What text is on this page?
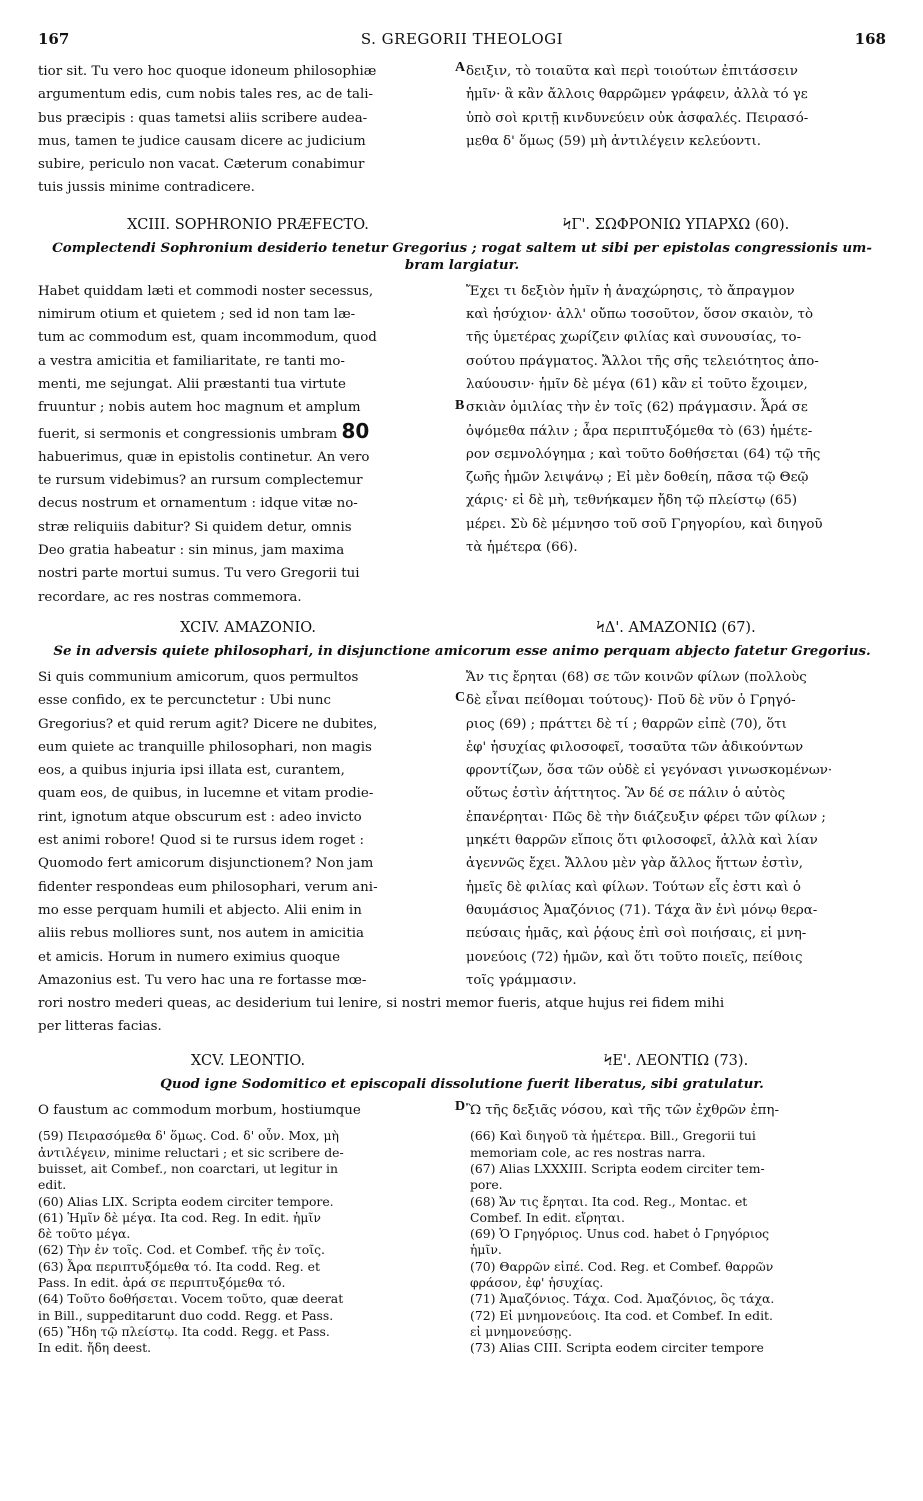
167	S. GREGORII THEOLOGI	168
tior sit. Tu vero hoc quoque idoneum philosophiæ
argumentum edis, cum nobis tales res, ac de tali-
bus præcipis : quas tametsi aliis scribere audea-
mus, tamen te judice causam dicere ac judicium
subire, periculo non vacat. Cæterum conabimur
tuis jussis minime contradicere.
A δειξιν, τὸ τοιαῦτα καὶ περὶ τοιούτων ἐπιτάσσειν
ἡμῖν· ἃ κἂν ἄλλοις θαρρῶμεν γράφειν, ἀλλὰ τό γε
ὑπὸ σοὶ κριτῇ κινδυνεύειν οὐκ ἀσφαλές. Πειρασό-
μεθα δ' ὅμως (59) μὴ ἀντιλέγειν κελεύοντι.
XCIII. SOPHRONIO PRÆFECTO.	ϞΓ'. ΣΩΦΡΟΝΙΩ ΥΠΑΡΧΩ (60).
Complectendi Sophronium desiderio tenetur Gregorius ; rogat saltem ut sibi per epistolas congressionis um-
bram largiatur.
Habet quiddam læti et commodi noster secessus,
nimirum otium et quietem ; sed id non tam læ-
tum ac commodum est, quam incommodum, quod
a vestra amicitia et familiaritate, re tanti mo-
menti, me sejungat. Alii præstanti tua virtute
fruuntur ; nobis autem hoc magnum et amplum
fuerit, si sermonis et congressionis umbram 80
habuerimus, quæ in epistolis continetur. An vero
te rursum videbimus? an rursum complectemur
decus nostrum et ornamentum : idque vitæ no-
stræ reliquiis dabitur? Si quidem detur, omnis
Deo gratia habeatur : sin minus, jam maxima
nostri parte mortui sumus. Tu vero Gregorii tui
recordare, ac res nostras commemora.
B
Ἔχει τι δεξιὸν ἡμῖν ἡ ἀναχώρησις, τὸ ἄπραγμον
καὶ ἡσύχιον· ἀλλ' οὔπω τοσοῦτον, ὅσον σκαιὸν, τὸ
τῆς ὑμετέρας χωρίζειν φιλίας καὶ συνουσίας, το-
σούτου πράγματος. Ἄλλοι τῆς σῆς τελειότητος ἀπο-
λαύουσιν· ἡμῖν δὲ μέγα (61) κἂν εἰ τοῦτο ἔχοιμεν,
σκιὰν ὁμιλίας τὴν ἐν τοῖς (62) πράγμασιν. Ἆρά σε
ὀψόμεθα πάλιν ; ἆρα περιπτυξόμεθα τὸ (63) ἡμέτε-
ρον σεμνολόγημα ; καὶ τοῦτο δοθήσεται (64) τῷ τῆς
ζωῆς ἡμῶν λειψάνῳ ; Εἰ μὲν δοθείη, πᾶσα τῷ Θεῷ
χάρις· εἰ δὲ μὴ, τεθνήκαμεν ἤδη τῷ πλείστῳ (65)
μέρει. Σὺ δὲ μέμνησο τοῦ σοῦ Γρηγορίου, καὶ διηγοῦ
τὰ ἡμέτερα (66).
XCIV. AMAZONIO.	ϞΔ'. ΑΜΑΖΟΝΙΩ (67).
Se in adversis quiete philosophari, in disjunctione amicorum esse animo perquam abjecto fatetur Gregorius.
Si quis communium amicorum, quos permultos
esse confido, ex te percunctetur : Ubi nunc
Gregorius? et quid rerum agit? Dicere ne dubites,
eum quiete ac tranquille philosophari, non magis
eos, a quibus injuria ipsi illata est, curantem,
quam eos, de quibus, in lucemne et vitam prodie-
rint, ignotum atque obscurum est : adeo invicto
est animi robore! Quod si te rursus idem roget :
Quomodo fert amicorum disjunctionem? Non jam
fidenter respondeas eum philosophari, verum ani-
mo esse perquam humili et abjecto. Alii enim in
aliis rebus molliores sunt, nos autem in amicitia
et amicis. Horum in numero eximius quoque
Amazonius est. Tu vero hac una re fortasse mœ-
C
Ἄν τις ἔρηται (68) σε τῶν κοινῶν φίλων (πολλοὺς
δὲ εἶναι πείθομαι τούτους)· Ποῦ δὲ νῦν ὁ Γρηγό-
ριος (69) ; πράττει δὲ τί ; θαρρῶν εἰπὲ (70), ὅτι
ἐφ' ἡσυχίας φιλοσοφεῖ, τοσαῦτα τῶν ἀδικούντων
φροντίζων, ὅσα τῶν οὐδὲ εἰ γεγόνασι γινωσκομένων·
οὕτως ἐστὶν ἀήττητος. Ἂν δέ σε πάλιν ὁ αὐτὸς
ἐπανέρηται· Πῶς δὲ τὴν διάζευξιν φέρει τῶν φίλων ;
μηκέτι θαρρῶν εἴποις ὅτι φιλοσοφεῖ, ἀλλὰ καὶ λίαν
ἀγεννῶς ἔχει. Ἄλλου μὲν γὰρ ἄλλος ἥττων ἐστὶν,
ἡμεῖς δὲ φιλίας καὶ φίλων. Τούτων εἷς ἐστι καὶ ὁ
θαυμάσιος Ἀμαζόνιος (71). Τάχα ἂν ἑνὶ μόνῳ θερα-
πεύσαις ἡμᾶς, καὶ ῥᾴους ἐπὶ σοὶ ποιήσαις, εἰ μνη-
μονεύοις (72) ἡμῶν, καὶ ὅτι τοῦτο ποιεῖς, πείθοις
τοῖς γράμμασιν.
rori nostro mederi queas, ac desiderium tui lenire, si nostri memor fueris, atque hujus rei fidem mihi
per litteras facias.
XCV. LEONTIO.	ϞΕ'. ΛΕΟΝΤΙΩ (73).
Quod igne Sodomitico et episcopali dissolutione fuerit liberatus, sibi gratulatur.
O faustum ac commodum morbum, hostiumque	D Ὢ τῆς δεξιᾶς νόσου, καὶ τῆς τῶν ἐχθρῶν ἐπη-
(59) Πειρασόμεθα δ' ὅμως. Cod. δ' οὖν. Mox, μὴ
ἀντιλέγειν, minime reluctari ; et sic scribere de-
buisset, ait Combef., non coarctari, ut legitur in
edit.
(60) Alias LIX. Scripta eodem circiter tempore.
(61) Ἡμῖν δὲ μέγα. Ita cod. Reg. In edit. ἡμῖν
δὲ τοῦτο μέγα.
(62) Τὴν ἐν τοῖς. Cod. et Combef. τῆς ἐν τοῖς.
(63) Ἆρα περιπτυξόμεθα τό. Ita codd. Reg. et
Pass. In edit. ἀρά σε περιπτυξόμεθα τό.
(64) Τοῦτο δοθήσεται. Vocem τοῦτο, quæ deerat
in Bill., suppeditarunt duo codd. Regg. et Pass.
(65) Ἤδη τῷ πλείστῳ. Ita codd. Regg. et Pass.
In edit. ἤδη deest.
(66) Καὶ διηγοῦ τὰ ἡμέτερα. Bill., Gregorii tui
memoriam cole, ac res nostras narra.
(67) Alias LXXXIII. Scripta eodem circiter tem-
pore.
(68) Ἄν τις ἔρηται. Ita cod. Reg., Montac. et
Combef. In edit. εἴρηται.
(69) Ὁ Γρηγόριος. Unus cod. habet ὁ Γρηγόριος
ἡμῖν.
(70) Θαρρῶν εἰπέ. Cod. Reg. et Combef. θαρρῶν
φράσον, ἐφ' ἡσυχίας.
(71) Ἀμαζόνιος. Τάχα. Cod. Ἀμαζόνιος, ὃς τάχα.
(72) Εἰ μνημονεύοις. Ita cod. et Combef. In edit.
εἰ μνημονεύσῃς.
(73) Alias CIII. Scripta eodem circiter tempore
